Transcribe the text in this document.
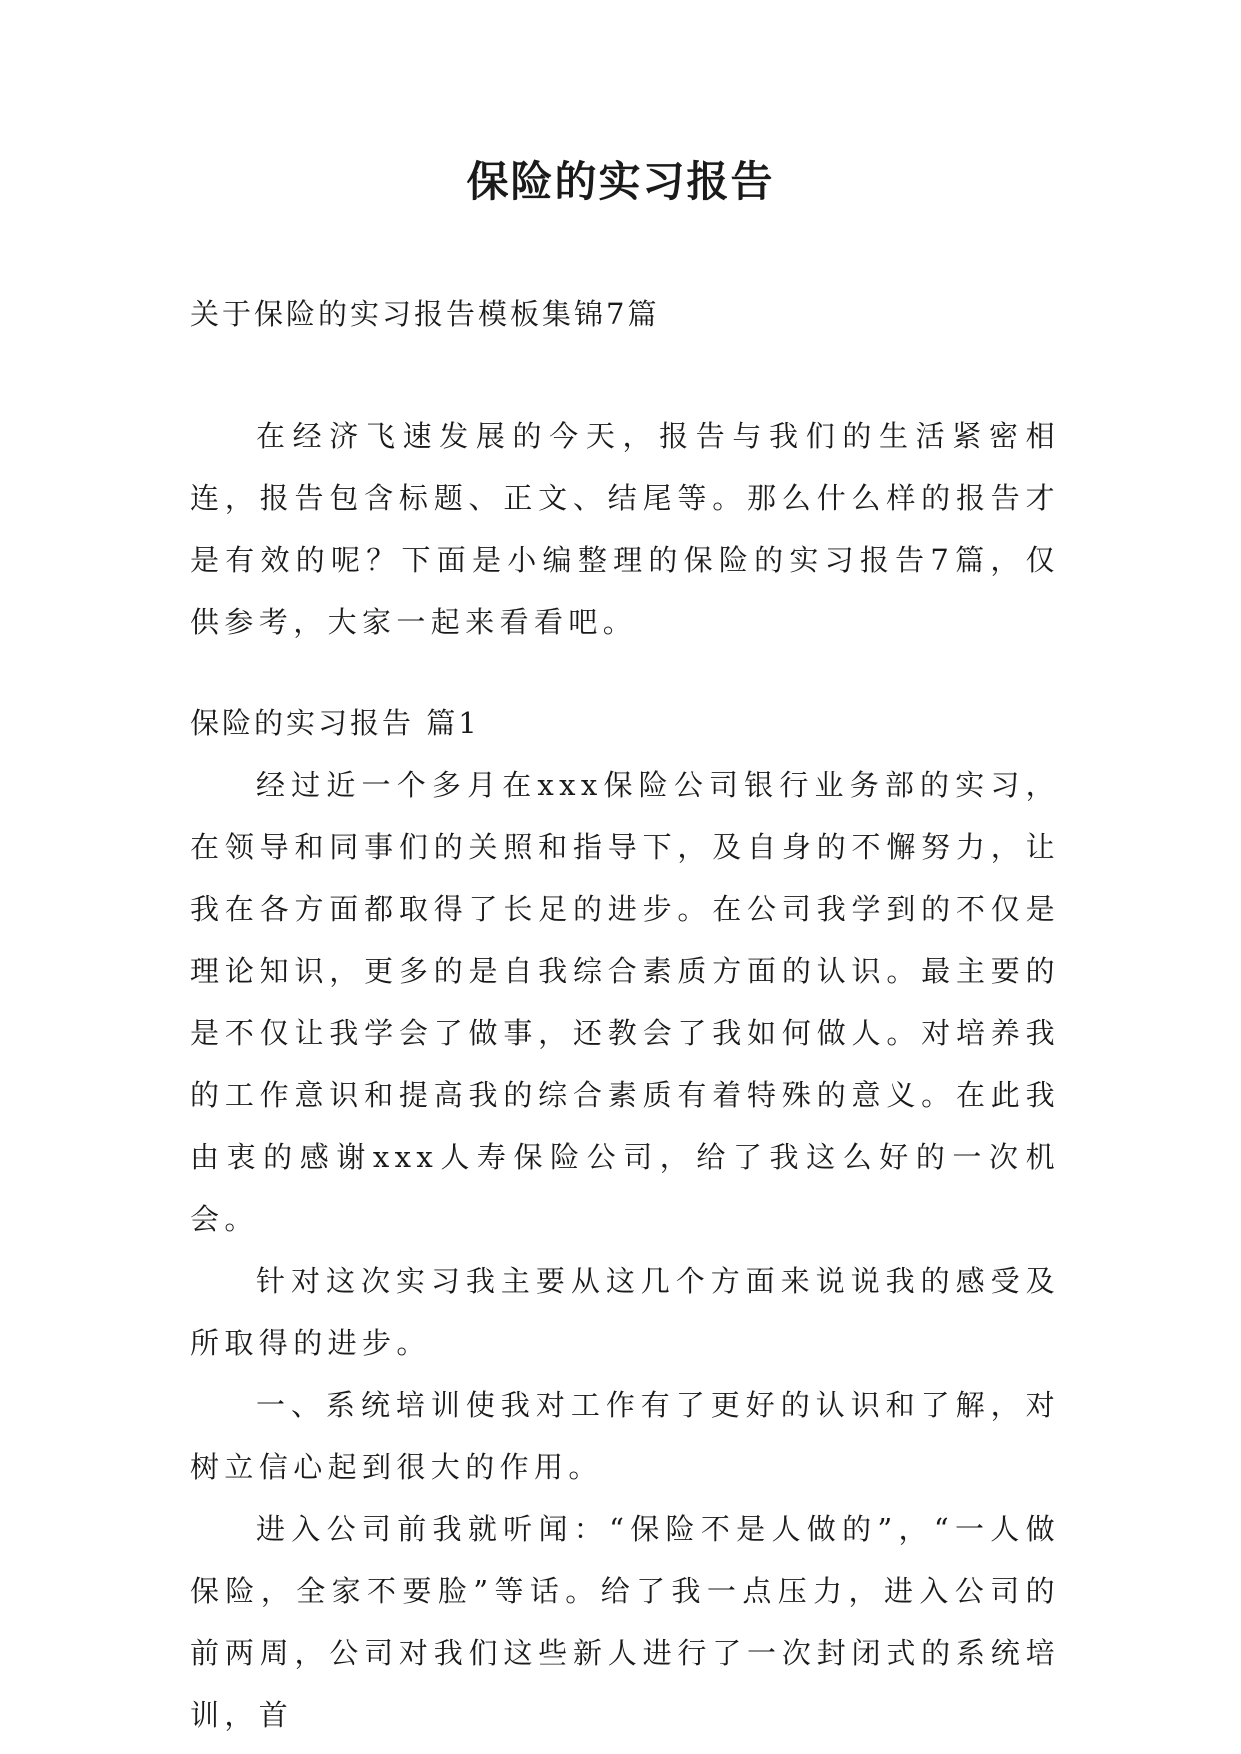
保险的实习报告

关于保险的实习报告模板集锦7篇

在经济飞速发展的今天，报告与我们的生活紧密相连，报告包含标题、正文、结尾等。那么什么样的报告才是有效的呢？下面是小编整理的保险的实习报告7篇，仅供参考，大家一起来看看吧。

保险的实习报告 篇1

经过近一个多月在xxx保险公司银行业务部的实习，在领导和同事们的关照和指导下，及自身的不懈努力，让我在各方面都取得了长足的进步。在公司我学到的不仅是理论知识，更多的是自我综合素质方面的认识。最主要的是不仅让我学会了做事，还教会了我如何做人。对培养我的工作意识和提高我的综合素质有着特殊的意义。在此我由衷的感谢xxx人寿保险公司，给了我这么好的一次机会。

针对这次实习我主要从这几个方面来说说我的感受及所取得的进步。

一、系统培训使我对工作有了更好的认识和了解，对树立信心起到很大的作用。

进入公司前我就听闻：“保险不是人做的”，“一人做保险，全家不要脸”等话。给了我一点压力，进入公司的前两周，公司对我们这些新人进行了一次封闭式的系统培训，首
